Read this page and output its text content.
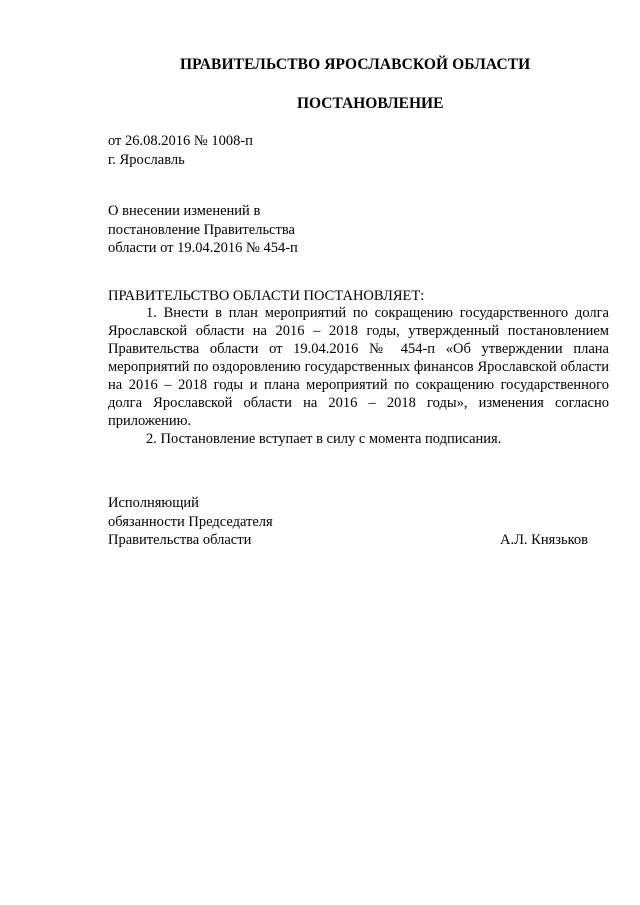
ПРАВИТЕЛЬСТВО ЯРОСЛАВСКОЙ ОБЛАСТИ
ПОСТАНОВЛЕНИЕ
от 26.08.2016 № 1008-п
г. Ярославль
О внесении изменений в
постановление Правительства
области от 19.04.2016 № 454-п
ПРАВИТЕЛЬСТВО ОБЛАСТИ ПОСТАНОВЛЯЕТ:

1. Внести в план мероприятий по сокращению государственного долга Ярославской области на 2016 – 2018 годы, утвержденный постановлением Правительства области от 19.04.2016 № 454-п «Об утверждении плана мероприятий по оздоровлению государственных финансов Ярославской области на 2016 – 2018 годы и плана мероприятий по сокращению государственного долга Ярославской области на 2016 – 2018 годы», изменения согласно приложению.

2. Постановление вступает в силу с момента подписания.

Исполняющий
обязанности Председателя
Правительства области	А.Л. Князьков
